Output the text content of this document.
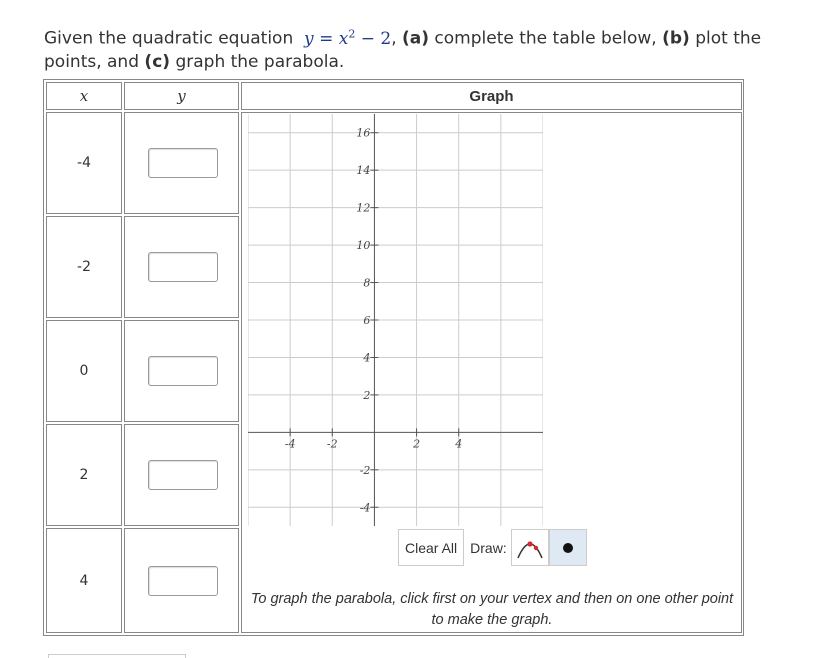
Given the quadratic equation $y = x^2 - 2$, (a) complete the table below, (b) plot the points, and (c) graph the parabola.
x	y	Graph
-4
-2
0
2
4
-4	-2	2	4
16
14
12
10
8
6
4
2
-2
-4
Clear All Draw:
To graph the parabola, click first on your vertex and then on one other point to make the graph.
